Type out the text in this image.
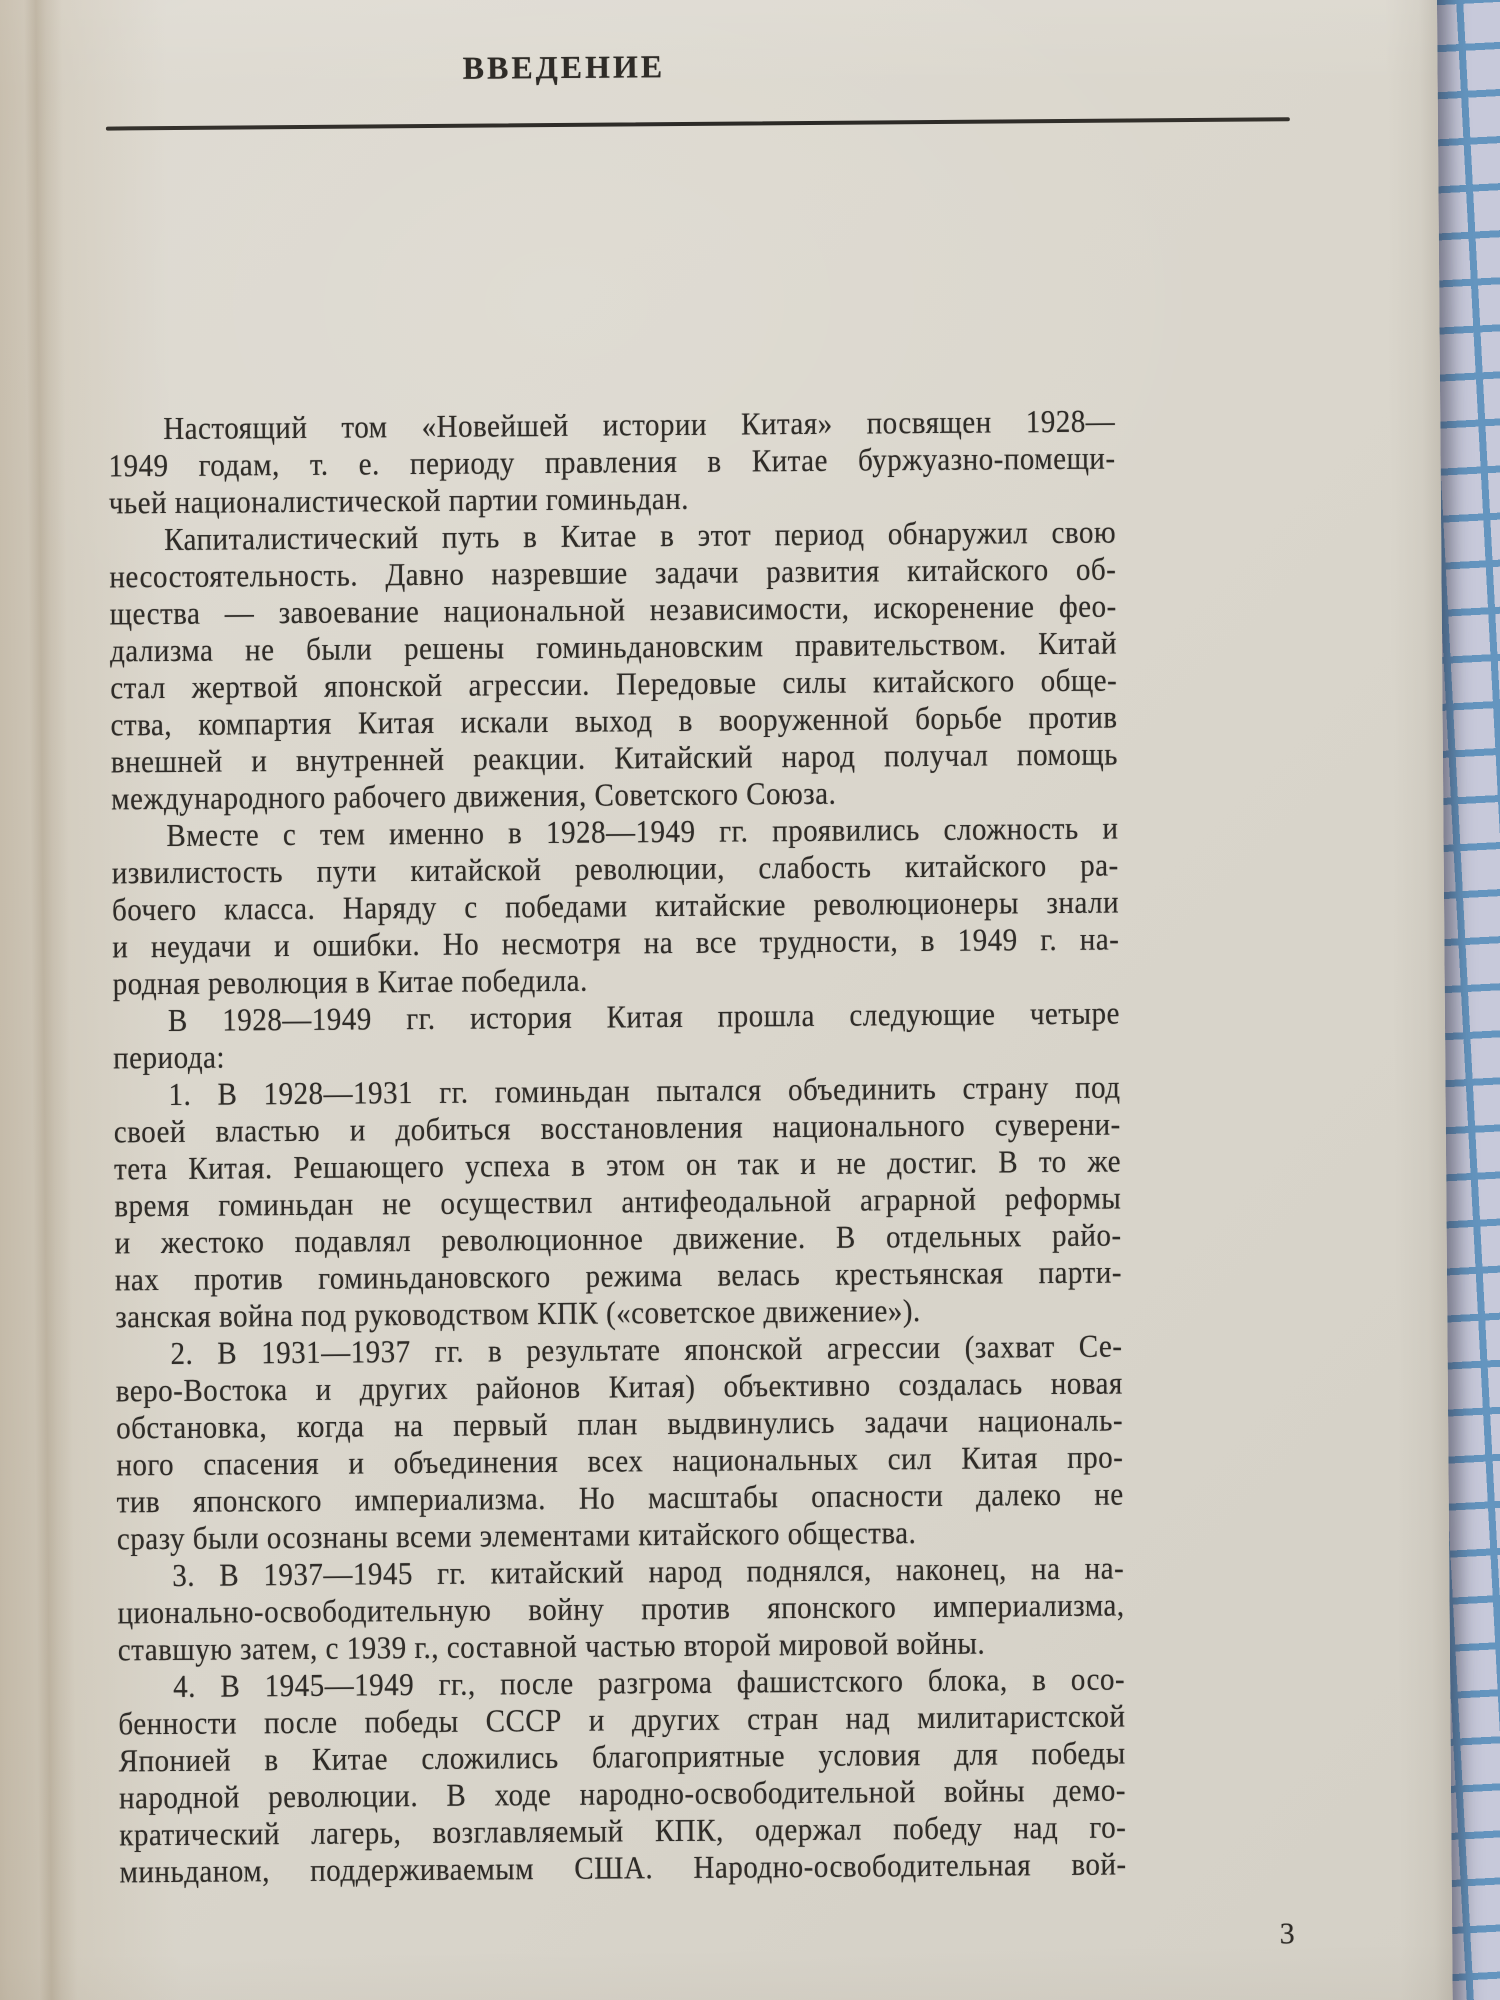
ВВЕДЕНИЕ
Настоящий том «Новейшей истории Китая» посвящен 1928—
1949 годам, т. е. периоду правления в Китае буржуазно-помещи-
чьей националистической партии гоминьдан.
Капиталистический путь в Китае в этот период обнаружил свою
несостоятельность. Давно назревшие задачи развития китайского об-
щества — завоевание национальной независимости, искоренение фео-
дализма не были решены гоминьдановским правительством. Китай
стал жертвой японской агрессии. Передовые силы китайского обще-
ства, компартия Китая искали выход в вооруженной борьбе против
внешней и внутренней реакции. Китайский народ получал помощь
международного рабочего движения, Советского Союза.
Вместе с тем именно в 1928—1949 гг. проявились сложность и
извилистость пути китайской революции, слабость китайского ра-
бочего класса. Наряду с победами китайские революционеры знали
и неудачи и ошибки. Но несмотря на все трудности, в 1949 г. на-
родная революция в Китае победила.
В 1928—1949 гг. история Китая прошла следующие четыре
периода:
1. В 1928—1931 гг. гоминьдан пытался объединить страну под
своей властью и добиться восстановления национального суверени-
тета Китая. Решающего успеха в этом он так и не достиг. В то же
время гоминьдан не осуществил антифеодальной аграрной реформы
и жестоко подавлял революционное движение. В отдельных райо-
нах против гоминьдановского режима велась крестьянская парти-
занская война под руководством КПК («советское движение»).
2. В 1931—1937 гг. в результате японской агрессии (захват Се-
веро-Востока и других районов Китая) объективно создалась новая
обстановка, когда на первый план выдвинулись задачи националь-
ного спасения и объединения всех национальных сил Китая про-
тив японского империализма. Но масштабы опасности далеко не
сразу были осознаны всеми элементами китайского общества.
3. В 1937—1945 гг. китайский народ поднялся, наконец, на на-
ционально-освободительную войну против японского империализма,
ставшую затем, с 1939 г., составной частью второй мировой войны.
4. В 1945—1949 гг., после разгрома фашистского блока, в осо-
бенности после победы СССР и других стран над милитаристской
Японией в Китае сложились благоприятные условия для победы
народной революции. В ходе народно-освободительной войны демо-
кратический лагерь, возглавляемый КПК, одержал победу над го-
миньданом, поддерживаемым США. Народно-освободительная вой-
3
